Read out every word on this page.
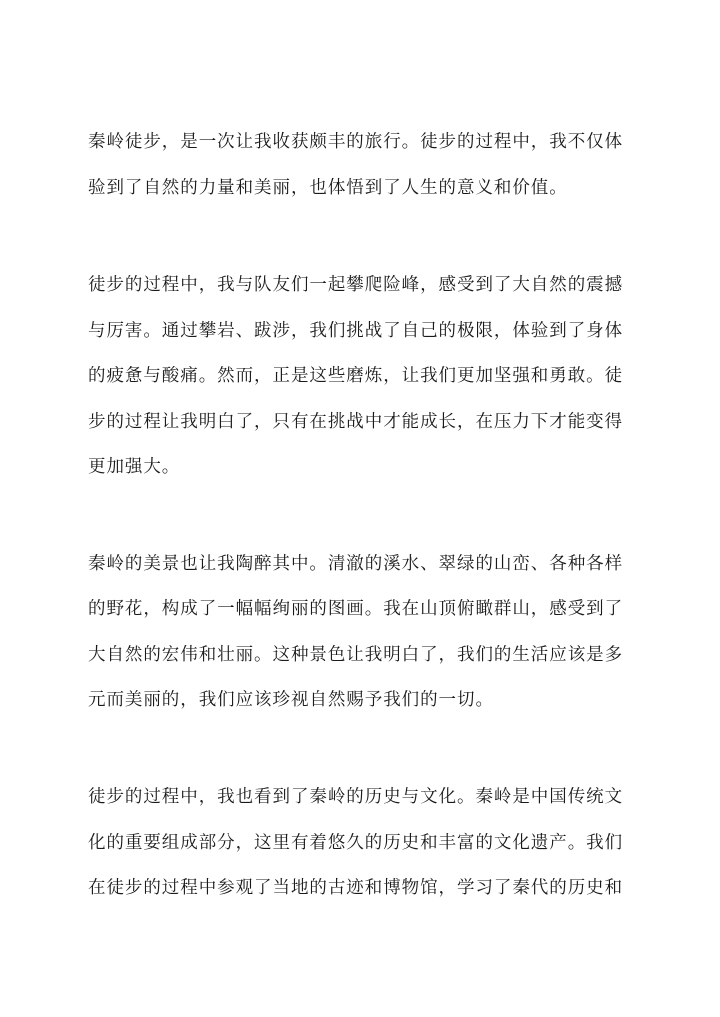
秦岭徒步，是一次让我收获颇丰的旅行。徒步的过程中，我不仅体
验到了自然的力量和美丽，也体悟到了人生的意义和价值。
徒步的过程中，我与队友们一起攀爬险峰，感受到了大自然的震撼
与厉害。通过攀岩、跋涉，我们挑战了自己的极限，体验到了身体
的疲惫与酸痛。然而，正是这些磨炼，让我们更加坚强和勇敢。徒
步的过程让我明白了，只有在挑战中才能成长，在压力下才能变得
更加强大。
秦岭的美景也让我陶醉其中。清澈的溪水、翠绿的山峦、各种各样
的野花，构成了一幅幅绚丽的图画。我在山顶俯瞰群山，感受到了
大自然的宏伟和壮丽。这种景色让我明白了，我们的生活应该是多
元而美丽的，我们应该珍视自然赐予我们的一切。
徒步的过程中，我也看到了秦岭的历史与文化。秦岭是中国传统文
化的重要组成部分，这里有着悠久的历史和丰富的文化遗产。我们
在徒步的过程中参观了当地的古迹和博物馆，学习了秦代的历史和
